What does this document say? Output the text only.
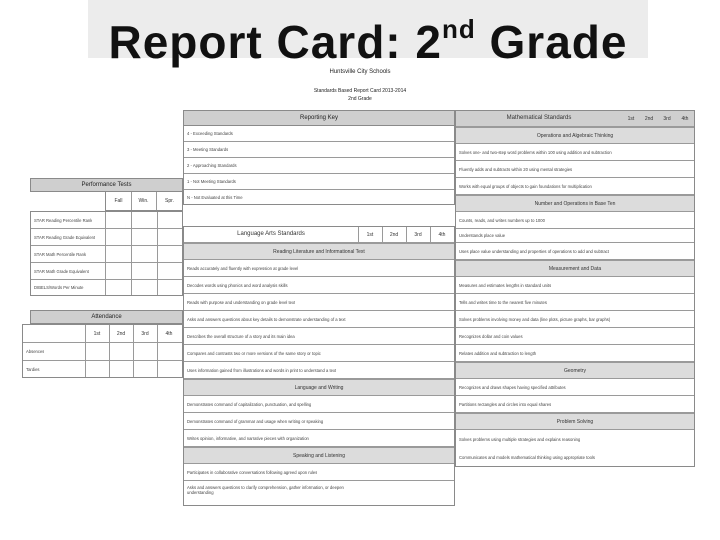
Report Card: 2nd Grade
Huntsville City Schools
Standards Based Report Card 2013-2014
2nd Grade
Reporting Key
4 - Exceeding Standards
3 - Meeting Standards
2 - Approaching Standards
1 - Not Meeting Standards
N - Not Evaluated at this Time
Performance Tests
Fall	Win.	Spr.
STAR Reading Percentile Rank
STAR Reading Grade Equivalent
STAR Math Percentile Rank
STAR Math Grade Equivalent
DIBELS/Words Per Minute
Attendance
1st	2nd	3rd	4th
Absences
Tardies
Language Arts Standards	1st	2nd	3rd	4th
Reading Literature and Informational Text
Reads accurately and fluently with expression at grade level
Decodes words using phonics and word analysis skills
Reads with purpose and understanding on grade level text
Asks and answers questions about key details to demonstrate understanding of a text
Describes the overall structure of a story and its main idea
Compares and contrasts two or more versions of the same story or topic
Uses information gained from illustrations and words in print to understand a text
Language and Writing
Demonstrates command of capitalization, punctuation, and spelling
Demonstrates command of grammar and usage when writing or speaking
Writes opinion, informative, and narrative pieces with organization
Speaking and Listening
Participates in collaborative conversations following agreed upon rules
Asks and answers questions to clarify comprehension, gather information, or deepen understanding
Mathematical Standards	1st	2nd	3rd	4th
Operations and Algebraic Thinking
Solves one- and two-step word problems within 100 using addition and subtraction
Fluently adds and subtracts within 20 using mental strategies
Works with equal groups of objects to gain foundations for multiplication
Number and Operations in Base Ten
Counts, reads, and writes numbers up to 1000
Understands place value
Uses place value understanding and properties of operations to add and subtract
Measurement and Data
Measures and estimates lengths in standard units
Tells and writes time to the nearest five minutes
Solves problems involving money and data (line plots, picture graphs, bar graphs)
Recognizes dollar and coin values
Relates addition and subtraction to length
Geometry
Recognizes and draws shapes having specified attributes
Partitions rectangles and circles into equal shares
Problem Solving
Solves problems using multiple strategies and explains reasoning
Communicates and models mathematical thinking using appropriate tools
